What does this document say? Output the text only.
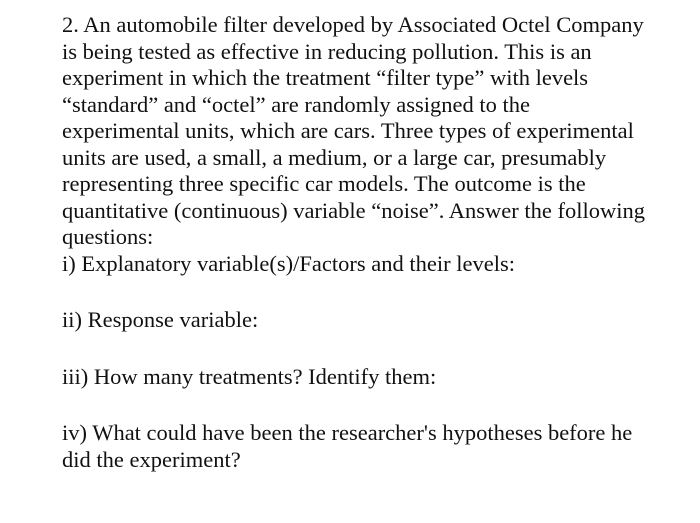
2. An automobile filter developed by Associated Octel Company
is being tested as effective in reducing pollution. This is an
experiment in which the treatment “filter type” with levels
“standard” and “octel” are randomly assigned to the
experimental units, which are cars. Three types of experimental
units are used, a small, a medium, or a large car, presumably
representing three specific car models. The outcome is the
quantitative (continuous) variable “noise”. Answer the following
questions:
i) Explanatory variable(s)/Factors and their levels:
ii) Response variable:
iii) How many treatments? Identify them:
iv) What could have been the researcher's hypotheses before he
did the experiment?
